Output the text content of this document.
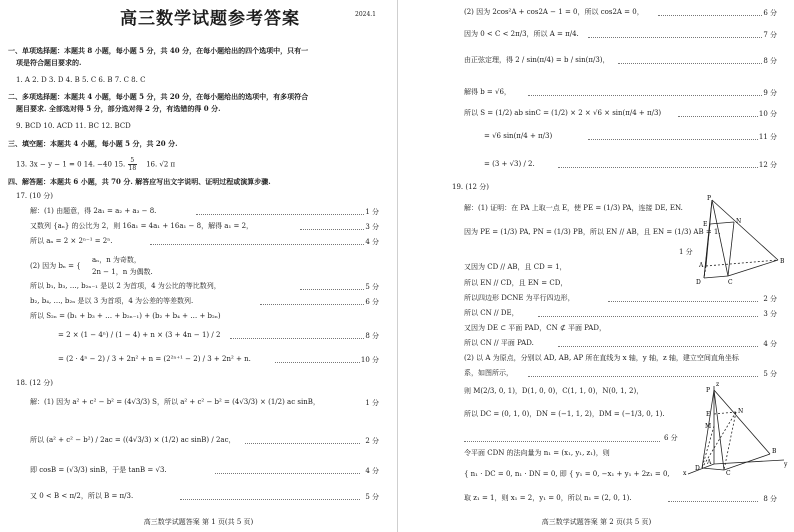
高三数学试题参考答案	2024.1
一、单项选择题：本题共 8 小题，每小题 5 分，共 40 分，在每小题给出的四个选项中，只有一
项是符合题目要求的.
1. A 2. D 3. D 4. B 5. C 6. B 7. C 8. C
二、多项选择题：本题共 4 小题，每小题 5 分，共 20 分，在每小题给出的选项中，有多项符合
题目要求. 全部选对得 5 分，部分选对得 2 分，有选错的得 0 分.
9. BCD 10. ACD 11. BC 12. BCD
三、填空题：本题共 4 小题，每小题 5 分，共 20 分.
13. 3x − y − 1 = 0 14. −40 15. $\frac{5}{18} 16$. √2 π
四、解答题：本题共 6 小题，共 70 分. 解答应写出文字说明、证明过程或演算步骤.
17. (10 分)
解：(1) 由题意，得 2a₁ = a₂ + a₃ − 8.	1 分
又数列 {aₙ} 的公比为 2，则 16a₁ = 4a₁ + 16a₁ − 8，解得 a₁ = 2，	3 分
所以 aₙ = 2 × 2ⁿ⁻¹ = 2ⁿ.	4 分
(2) 因为 bₙ = {
aₙ，n 为奇数，
2n − 1，n 为偶数.
所以 b₁, b₃, …, b₂ₙ₋₁ 是以 2 为首项，4 为公比的等比数列，	5 分
b₂, b₄, …, b₂ₙ 是以 3 为首项，4 为公差的等差数列.	6 分
所以 S₂ₙ = (b₁ + b₃ + … + b₂ₙ₋₁) + (b₂ + b₄ + … + b₂ₙ)
= 2 × (1 − 4ⁿ) / (1 − 4) + n × (3 + 4n − 1) / 2	8 分
= (2 · 4ⁿ − 2) / 3 + 2n² + n = (2²ⁿ⁺¹ − 2) / 3 + 2n² + n.	10 分
18. (12 分)
解：(1) 因为 a² + c² − b² = (4√3/3) S，所以 a² + c² − b² = (4√3/3) × (1/2) ac sinB，	1 分
所以 (a² + c² − b²) / 2ac = ((4√3/3) × (1/2) ac sinB) / 2ac，	2 分
即 cosB = (√3/3) sinB，于是 tanB = √3.	4 分
又 0 < B < π/2，所以 B = π/3.	5 分
高三数学试题答案 第 1 页(共 5 页)
(2) 因为 2cos²A + cos2A − 1 = 0，所以 cos2A = 0，	6 分
因为 0 < C < 2π/3，所以 A = π/4.	7 分
由正弦定理，得 2 / sin(π/4) = b / sin(π/3)，	8 分
解得 b = √6，	9 分
所以 S = (1/2) ab sinC = (1/2) × 2 × √6 × sin(π/4 + π/3)	10 分
= √6 sin(π/4 + π/3)	11 分
= (3 + √3) / 2.	12 分
19. (12 分)
解：(1) 证明：在 PA 上取一点 E，使 PE = (1/3) PA，连接 DE, EN.
因为 PE = (1/3) PA, PN = (1/3) PB，所以 EN // AB，且 EN = (1/3) AB = 1.
又因为 CD // AB，且 CD = 1，
所以 EN // CD，且 EN = CD，
所以四边形 DCNE 为平行四边形，	2 分
所以 CN // DE，	3 分
又因为 DE ⊂ 平面 PAD，CN ⊄ 平面 PAD，
所以 CN // 平面 PAD.	4 分
(2) 以 A 为原点，分别以 AD, AB, AP 所在直线为 x 轴，y 轴，z 轴，建立空间直角坐标
系，如图所示，	5 分
则 M(2/3, 0, 1)，D(1, 0, 0)，C(1, 1, 0)，N(0, 1, 2)，
所以 DC = (0, 1, 0)，DN = (−1, 1, 2)，DM = (−1/3, 0, 1).
6 分
令平面 CDN 的法向量为 n₁ = (x₁, y₁, z₁)，则
{ n₁ · DC = 0, n₁ · DN = 0, 即 { y₁ = 0, −x₁ + y₁ + 2z₁ = 0,
取 z₁ = 1，则 x₁ = 2，y₁ = 0，所以 n₁ = (2, 0, 1).	8 分
P
E	N
A
B
D	C
1 分
z
P
E
M
N
A
B
D
C
x
y
高三数学试题答案 第 2 页(共 5 页)
